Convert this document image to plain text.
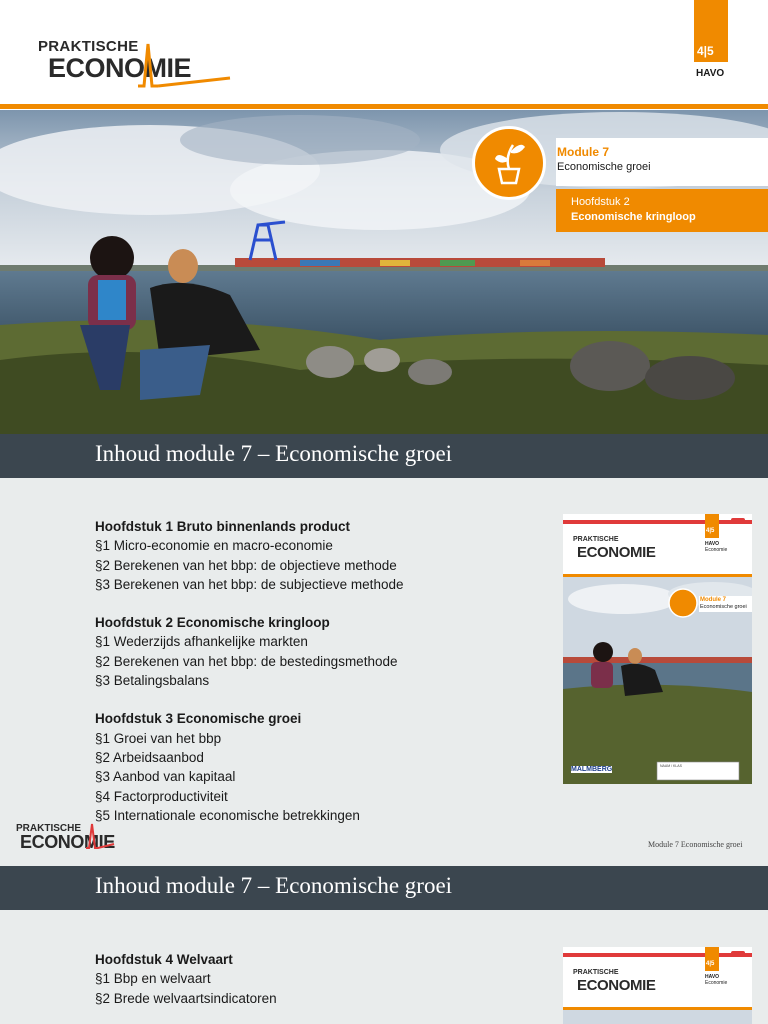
PRAKTISCHE
ECONOMIE
4|5
HAVO
Module 7
Economische groei
Hoofdstuk 2
Economische kringloop
Inhoud module 7 – Economische groei
Hoofdstuk 1 Bruto binnenlands product
§1 Micro-economie en macro-economie
§2 Berekenen van het bbp: de objectieve methode
§3 Berekenen van het bbp: de subjectieve methode
Hoofdstuk 2 Economische kringloop
§1 Wederzijds afhankelijke markten
§2 Berekenen van het bbp: de bestedingsmethode
§3 Betalingsbalans
Hoofdstuk 3 Economische groei
§1 Groei van het bbp
§2 Arbeidsaanbod
§3 Aanbod van kapitaal
§4 Factorproductiviteit
§5 Internationale economische betrekkingen
PRAKTISCHE
ECONOMIE
4|5
HAVO
Economie
Module 7
Economische groei
MALMBERG	NAAM / KLAS
PRAKTISCHE
ECONOMIE	Module 7 Economische groei
Inhoud module 7 – Economische groei
Hoofdstuk 4 Welvaart
§1 Bbp en welvaart
§2 Brede welvaartsindicatoren
PRAKTISCHE
ECONOMIE
4|5
HAVO
Economie
